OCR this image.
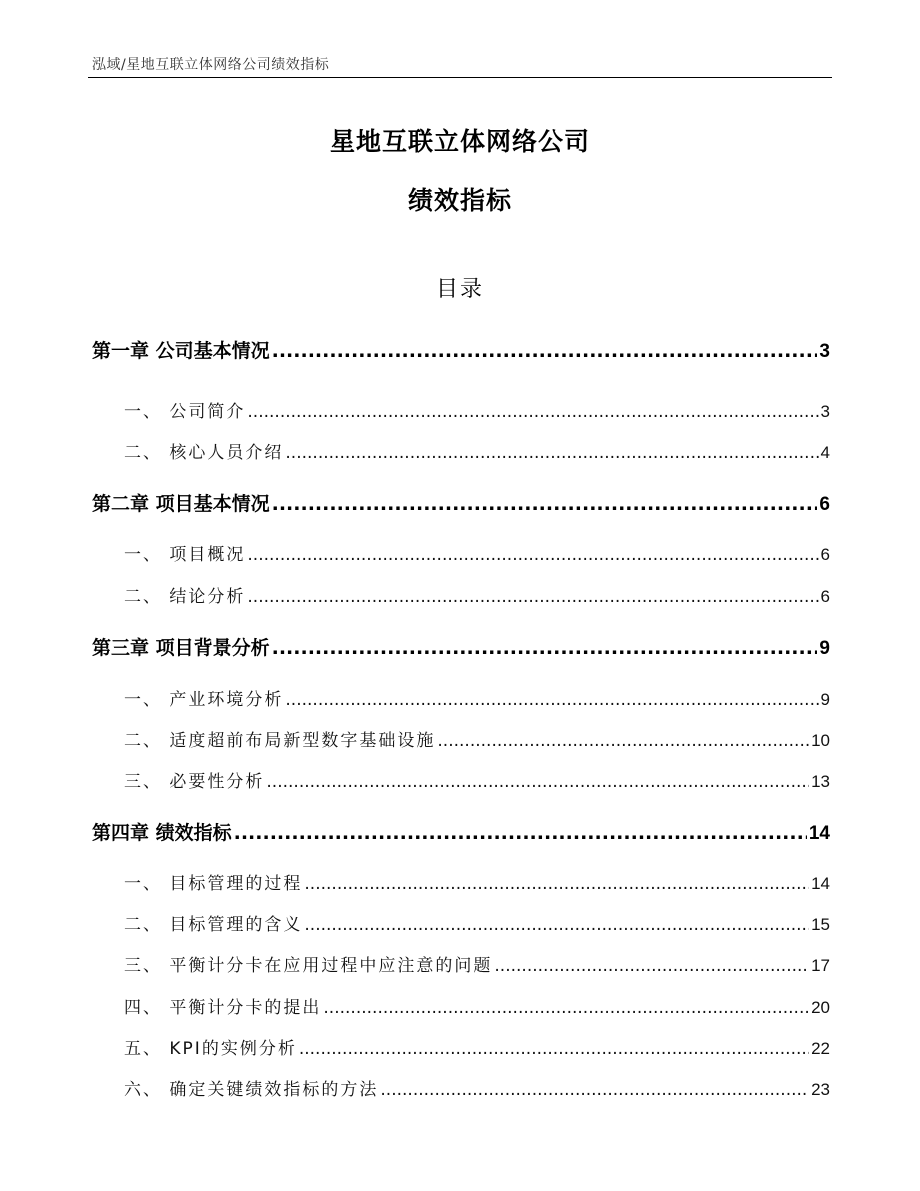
泓域/星地互联立体网络公司绩效指标
星地互联立体网络公司
绩效指标
目录
第一章 公司基本情况 .....	3
一、 公司简介 .....	3
二、 核心人员介绍 .....	4
第二章 项目基本情况 .....	6
一、 项目概况 .....	6
二、 结论分析 .....	6
第三章 项目背景分析 .....	9
一、 产业环境分析 .....	9
二、 适度超前布局新型数字基础设施 .....	10
三、 必要性分析 .....	13
第四章 绩效指标 .....	14
一、 目标管理的过程 .....	14
二、 目标管理的含义 .....	15
三、 平衡计分卡在应用过程中应注意的问题 .....	17
四、 平衡计分卡的提出 .....	20
五、 KPI的实例分析 .....	22
六、 确定关键绩效指标的方法 .....	23
